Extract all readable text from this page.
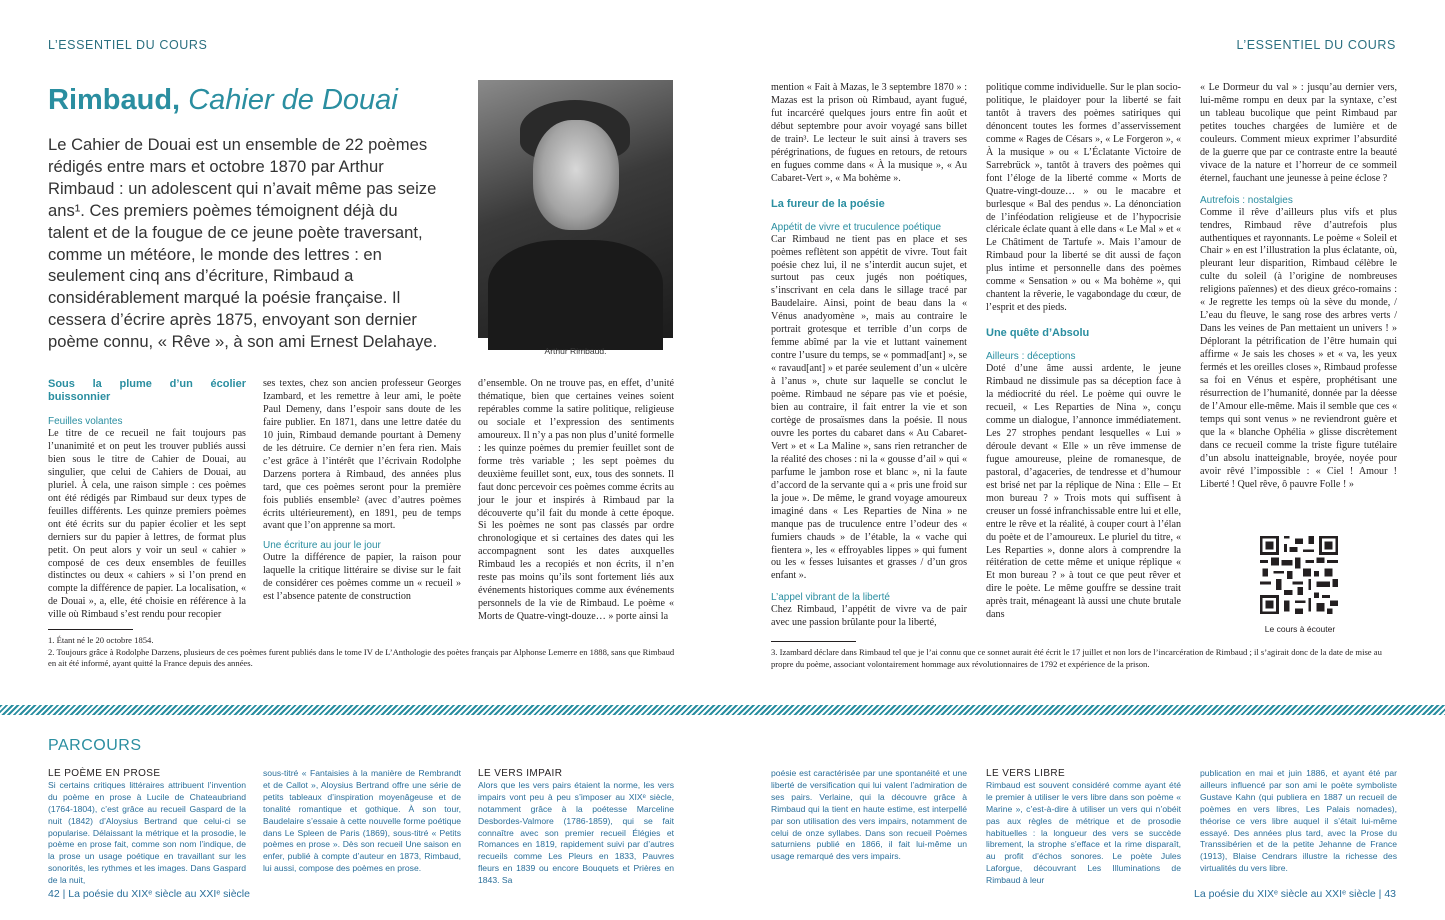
L’ESSENTIEL DU COURS	L’ESSENTIEL DU COURS
Rimbaud, Cahier de Douai

Le Cahier de Douai est un ensemble de 22 poèmes rédigés entre mars et octobre 1870 par Arthur Rimbaud : un adolescent qui n’avait même pas seize ans¹. Ces premiers poèmes témoignent déjà du talent et de la fougue de ce jeune poète traversant, comme un météore, le monde des lettres : en seulement cinq ans d’écriture, Rimbaud a considérablement marqué la poésie française. Il cessera d’écrire après 1875, envoyant son dernier poème connu, « Rêve », à son ami Ernest Delahaye.	Arthur Rimbaud.

Sous la plume d’un écolier buissonnier

Feuilles volantes

Le titre de ce recueil ne fait toujours pas l’unanimité et on peut les trouver publiés aussi bien sous le titre de Cahier de Douai, au singulier, que celui de Cahiers de Douai, au pluriel. À cela, une raison simple : ces poèmes ont été rédigés par Rimbaud sur deux types de feuilles différents. Les quinze premiers poèmes ont été écrits sur du papier écolier et les sept derniers sur du papier à lettres, de format plus petit. On peut alors y voir un seul « cahier » composé de ces deux ensembles de feuilles distinctes ou deux « cahiers » si l’on prend en compte la différence de papier. La localisation, « de Douai », a, elle, été choisie en référence à la ville où Rimbaud s’est rendu pour recopier

ses textes, chez son ancien professeur Georges Izambard, et les remettre à leur ami, le poète Paul Demeny, dans l’espoir sans doute de les faire publier. En 1871, dans une lettre datée du 10 juin, Rimbaud demande pourtant à Demeny de les détruire. Ce dernier n’en fera rien. Mais c’est grâce à l’intérêt que l’écrivain Rodolphe Darzens portera à Rimbaud, des années plus tard, que ces poèmes seront pour la première fois publiés ensemble² (avec d’autres poèmes écrits ultérieurement), en 1891, peu de temps avant que l’on apprenne sa mort.

Une écriture au jour le jour

Outre la différence de papier, la raison pour laquelle la critique littéraire se divise sur le fait de considérer ces poèmes comme un « recueil » est l’absence patente de construction

d’ensemble. On ne trouve pas, en effet, d’unité thématique, bien que certaines veines soient repérables comme la satire politique, religieuse ou sociale et l’expression des sentiments amoureux. Il n’y a pas non plus d’unité formelle : les quinze poèmes du premier feuillet sont de forme très variable ; les sept poèmes du deuxième feuillet sont, eux, tous des sonnets. Il faut donc percevoir ces poèmes comme écrits au jour le jour et inspirés à Rimbaud par la découverte qu’il fait du monde à cette époque. Si les poèmes ne sont pas classés par ordre chronologique et si certaines des dates qui les accompagnent sont les dates auxquelles Rimbaud les a recopiés et non écrits, il n’en reste pas moins qu’ils sont fortement liés aux événements historiques comme aux événements personnels de la vie de Rimbaud. Le poème « Morts de Quatre-vingt-douze… » porte ainsi la

1. Étant né le 20 octobre 1854.

2. Toujours grâce à Rodolphe Darzens, plusieurs de ces poèmes furent publiés dans le tome IV de L’Anthologie des poètes français par Alphonse Lemerre en 1888, sans que Rimbaud en ait été informé, ayant quitté la France depuis des années.

mention « Fait à Mazas, le 3 septembre 1870 » : Mazas est la prison où Rimbaud, ayant fugué, fut incarcéré quelques jours entre fin août et début septembre pour avoir voyagé sans billet de train³. Le lecteur le suit ainsi à travers ses pérégrinations, de fugues en retours, de retours en fugues comme dans « À la musique », « Au Cabaret-Vert », « Ma bohème ».

La fureur de la poésie

Appétit de vivre et truculence poétique

Car Rimbaud ne tient pas en place et ses poèmes reflètent son appétit de vivre. Tout fait poésie chez lui, il ne s’interdit aucun sujet, et surtout pas ceux jugés non poétiques, s’inscrivant en cela dans le sillage tracé par Baudelaire. Ainsi, point de beau dans la « Vénus anadyomène », mais au contraire le portrait grotesque et terrible d’un corps de femme abîmé par la vie et luttant vainement contre l’usure du temps, se « pommad[ant] », se « ravaud[ant] » et parée seulement d’un « ulcère à l’anus », chute sur laquelle se conclut le poème. Rimbaud ne sépare pas vie et poésie, bien au contraire, il fait entrer la vie et son cortège de prosaïsmes dans la poésie. Il nous ouvre les portes du cabaret dans « Au Cabaret-Vert » et « La Maline », sans rien retrancher de la réalité des choses : ni la « gousse d’ail » qui « parfume le jambon rose et blanc », ni la faute d’accord de la servante qui a « pris une froid sur la joue ». De même, le grand voyage amoureux imaginé dans « Les Reparties de Nina » ne manque pas de truculence entre l’odeur des « fumiers chauds » de l’étable, la « vache qui fientera », les « effroyables lippes » qui fument ou les « fesses luisantes et grasses / d’un gros enfant ».

L’appel vibrant de la liberté

Chez Rimbaud, l’appétit de vivre va de pair avec une passion brûlante pour la liberté,

politique comme individuelle. Sur le plan socio-politique, le plaidoyer pour la liberté se fait tantôt à travers des poèmes satiriques qui dénoncent toutes les formes d’asservissement comme « Rages de Césars », « Le Forgeron », « À la musique » ou « L’Éclatante Victoire de Sarrebrück », tantôt à travers des poèmes qui font l’éloge de la liberté comme « Morts de Quatre-vingt-douze… » ou le macabre et burlesque « Bal des pendus ». La dénonciation de l’inféodation religieuse et de l’hypocrisie cléricale éclate quant à elle dans « Le Mal » et « Le Châtiment de Tartufe ». Mais l’amour de Rimbaud pour la liberté se dit aussi de façon plus intime et personnelle dans des poèmes comme « Sensation » ou « Ma bohème », qui chantent la rêverie, le vagabondage du cœur, de l’esprit et des pieds.

Une quête d’Absolu

Ailleurs : déceptions

Doté d’une âme aussi ardente, le jeune Rimbaud ne dissimule pas sa déception face à la médiocrité du réel. Le poème qui ouvre le recueil, « Les Reparties de Nina », conçu comme un dialogue, l’annonce immédiatement. Les 27 strophes pendant lesquelles « Lui » déroule devant « Elle » un rêve immense de fugue amoureuse, pleine de romanesque, de pastoral, d’agaceries, de tendresse et d’humour est brisé net par la réplique de Nina : Elle – Et mon bureau ? » Trois mots qui suffisent à creuser un fossé infranchissable entre lui et elle, entre le rêve et la réalité, à couper court à l’élan du poète et de l’amoureux. Le pluriel du titre, « Les Reparties », donne alors à comprendre la réitération de cette même et unique réplique « Et mon bureau ? » à tout ce que peut rêver et dire le poète. Le même gouffre se dessine trait après trait, ménageant là aussi une chute brutale dans

« Le Dormeur du val » : jusqu’au dernier vers, lui-même rompu en deux par la syntaxe, c’est un tableau bucolique que peint Rimbaud par petites touches chargées de lumière et de couleurs. Comment mieux exprimer l’absurdité de la guerre que par ce contraste entre la beauté vivace de la nature et l’horreur de ce sommeil éternel, fauchant une jeunesse à peine éclose ?

Autrefois : nostalgies

Comme il rêve d’ailleurs plus vifs et plus tendres, Rimbaud rêve d’autrefois plus authentiques et rayonnants. Le poème « Soleil et Chair » en est l’illustration la plus éclatante, où, pleurant leur disparition, Rimbaud célèbre le culte du soleil (à l’origine de nombreuses religions païennes) et des dieux gréco-romains : « Je regrette les temps où la sève du monde, / L’eau du fleuve, le sang rose des arbres verts / Dans les veines de Pan mettaient un univers ! » Déplorant la pétrification de l’être humain qui affirme « Je sais les choses » et « va, les yeux fermés et les oreilles closes », Rimbaud professe sa foi en Vénus et espère, prophétisant une résurrection de l’humanité, donnée par la déesse de l’Amour elle-même. Mais il semble que ces « temps qui sont venus » ne reviendront guère et que la « blanche Ophélia » glisse discrètement dans ce recueil comme la triste figure tutélaire d’un absolu inatteignable, broyée, noyée pour avoir rêvé l’impossible : « Ciel ! Amour ! Liberté ! Quel rêve, ô pauvre Folle ! »

Le cours à écouter

3. Izambard déclare dans Rimbaud tel que je l’ai connu que ce sonnet aurait été écrit le 17 juillet et non lors de l’incarcération de Rimbaud ; il s’agirait donc de la date de mise au propre du poème, associant volontairement hommage aux révolutionnaires de 1792 et expérience de la prison.

PARCOURS

LE POÈME EN PROSE

Si certains critiques littéraires attribuent l’invention du poème en prose à Lucile de Chateaubriand (1764-1804), c’est grâce au recueil Gaspard de la nuit (1842) d’Aloysius Bertrand que celui-ci se popularise. Délaissant la métrique et la prosodie, le poème en prose fait, comme son nom l’indique, de la prose un usage poétique en travaillant sur les sonorités, les rythmes et les images. Dans Gaspard de la nuit,

sous-titré « Fantaisies à la manière de Rembrandt et de Callot », Aloysius Bertrand offre une série de petits tableaux d’inspiration moyenâgeuse et de tonalité romantique et gothique. À son tour, Baudelaire s’essaie à cette nouvelle forme poétique dans Le Spleen de Paris (1869), sous-titré « Petits poèmes en prose ». Dès son recueil Une saison en enfer, publié à compte d’auteur en 1873, Rimbaud, lui aussi, compose des poèmes en prose.

LE VERS IMPAIR

Alors que les vers pairs étaient la norme, les vers impairs vont peu à peu s’imposer au XIXᵉ siècle, notamment grâce à la poétesse Marceline Desbordes-Valmore (1786-1859), qui se fait connaître avec son premier recueil Élégies et Romances en 1819, rapidement suivi par d’autres recueils comme Les Pleurs en 1833, Pauvres fleurs en 1839 ou encore Bouquets et Prières en 1843. Sa

poésie est caractérisée par une spontanéité et une liberté de versification qui lui valent l’admiration de ses pairs. Verlaine, qui la découvre grâce à Rimbaud qui la tient en haute estime, est interpellé par son utilisation des vers impairs, notamment de celui de onze syllabes. Dans son recueil Poèmes saturniens publié en 1866, il fait lui-même un usage remarqué des vers impairs.

LE VERS LIBRE

Rimbaud est souvent considéré comme ayant été le premier à utiliser le vers libre dans son poème « Marine », c’est-à-dire à utiliser un vers qui n’obéit pas aux règles de métrique et de prosodie habituelles : la longueur des vers se succède librement, la strophe s’efface et la rime disparaît, au profit d’échos sonores. Le poète Jules Laforgue, découvrant Les Illuminations de Rimbaud à leur

publication en mai et juin 1886, et ayant été par ailleurs influencé par son ami le poète symboliste Gustave Kahn (qui publiera en 1887 un recueil de poèmes en vers libres, Les Palais nomades), théorise ce vers libre auquel il s’était lui-même essayé. Des années plus tard, avec la Prose du Transsibérien et de la petite Jehanne de France (1913), Blaise Cendrars illustre la richesse des virtualités du vers libre.

42 | La poésie du XIXᵉ siècle au XXIᵉ siècle	La poésie du XIXᵉ siècle au XXIᵉ siècle | 43
